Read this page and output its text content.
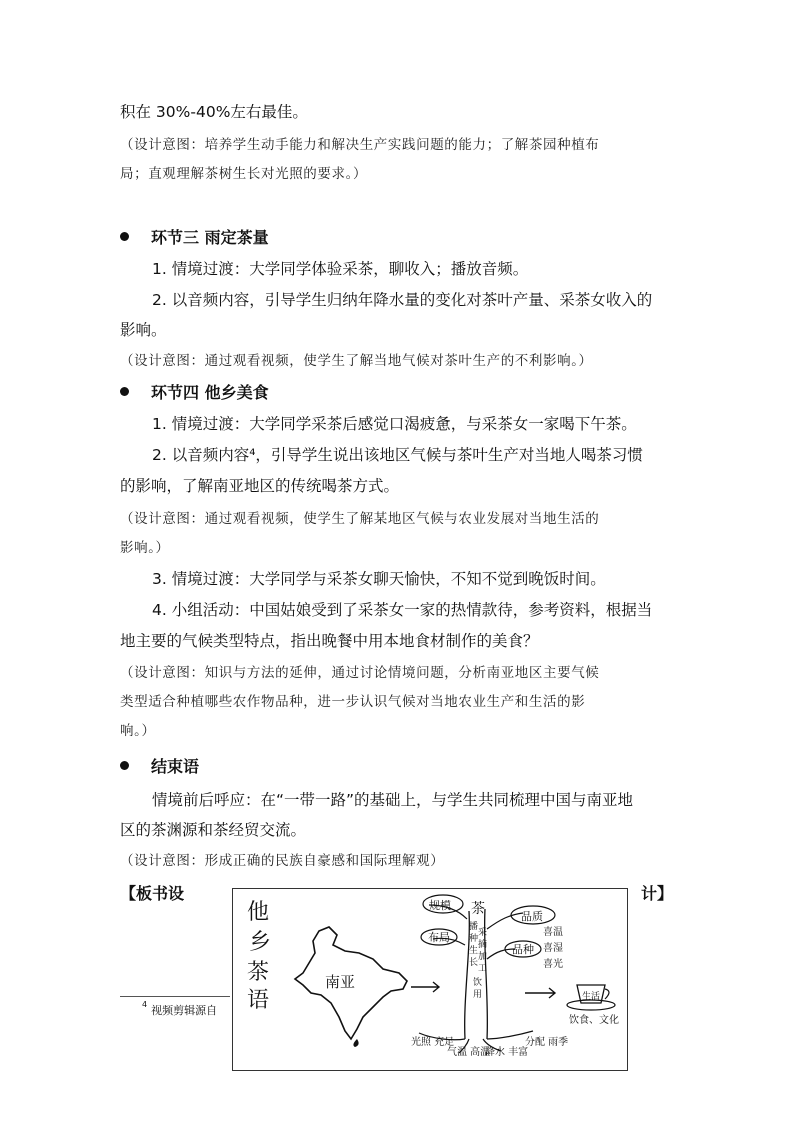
积在 30%-40%左右最佳。
（设计意图：培养学生动手能力和解决生产实践问题的能力；了解茶园种植布
局；直观理解茶树生长对光照的要求。）
环节三 雨定茶量
1. 情境过渡：大学同学体验采茶，聊收入；播放音频。
2. 以音频内容，引导学生归纳年降水量的变化对茶叶产量、采茶女收入的
影响。
（设计意图：通过观看视频，使学生了解当地气候对茶叶生产的不利影响。）
环节四 他乡美食
1. 情境过渡：大学同学采茶后感觉口渴疲惫，与采茶女一家喝下午茶。
2. 以音频内容⁴，引导学生说出该地区气候与茶叶生产对当地人喝茶习惯
的影响，了解南亚地区的传统喝茶方式。
（设计意图：通过观看视频，使学生了解某地区气候与农业发展对当地生活的
影响。）
3. 情境过渡：大学同学与采茶女聊天愉快，不知不觉到晚饭时间。
4. 小组活动：中国姑娘受到了采茶女一家的热情款待，参考资料，根据当
地主要的气候类型特点，指出晚餐中用本地食材制作的美食？
（设计意图：知识与方法的延伸，通过讨论情境问题，分析南亚地区主要气候
类型适合种植哪些农作物品种，进一步认识气候对当地农业生产和生活的影
响。）
结束语
情境前后呼应：在“一带一路”的基础上，与学生共同梳理中国与南亚地
区的茶渊源和茶经贸交流。
（设计意图：形成正确的民族自豪感和国际理解观）
【板书设	计】
$^4$ 视频剪辑源自
他
乡
茶
语
南亚
茶
播
种
生
长
采
摘
加
工
饮
用
规模
品质
布局
品种
喜温
喜湿
喜光
生活
饮食、文化
光照 充足
气温 高温
降水 丰富
分配 雨季
